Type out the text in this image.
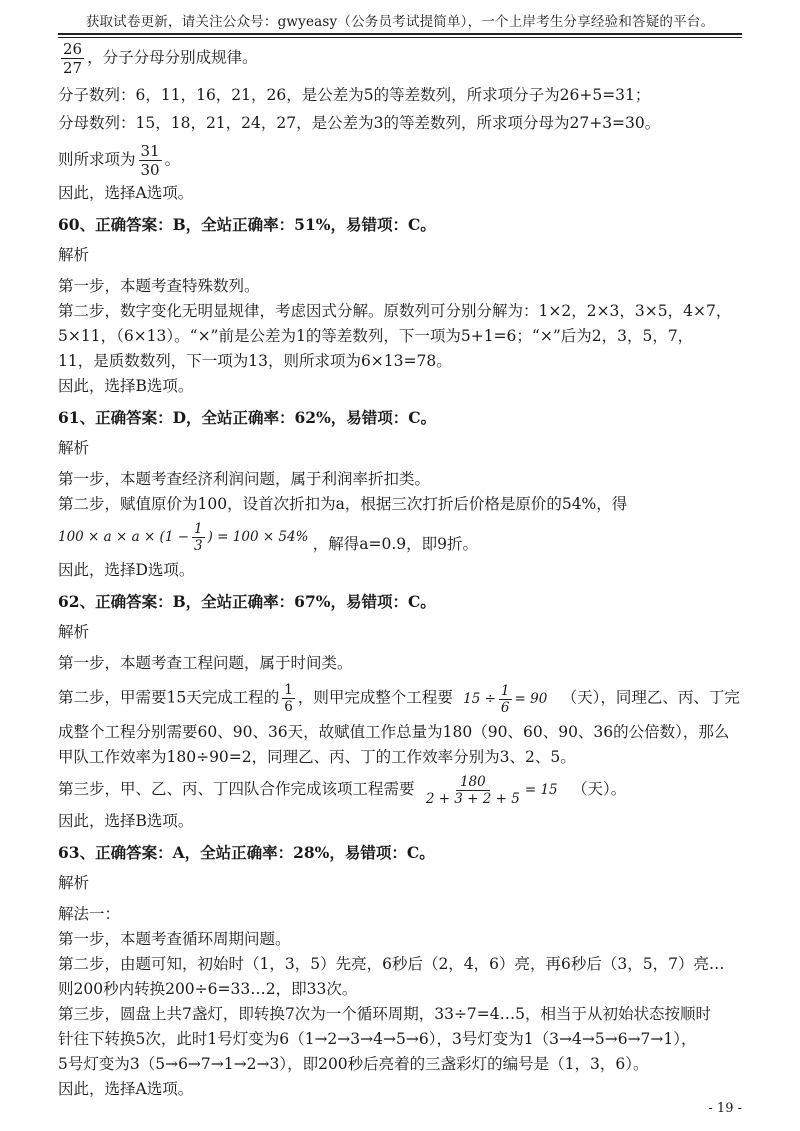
获取试卷更新，请关注公众号：gwyeasy（公务员考试提简单），一个上岸考生分享经验和答疑的平台。
$\frac{26}{27}$ ，分子分母分别成规律。
分子数列：6，11，16，21，26，是公差为5的等差数列，所求项分子为26+5=31；
分母数列：15，18，21，24，27，是公差为3的等差数列，所求项分母为27+3=30。
则所求项为 $\frac{31}{30}$ 。
因此，选择A选项。
60、正确答案：B，全站正确率：51%，易错项：C。
解析
第一步，本题考查特殊数列。
第二步，数字变化无明显规律，考虑因式分解。原数列可分别分解为：1×2，2×3，3×5，4×7，
5×11，（6×13）。“×”前是公差为1的等差数列，下一项为5+1=6；“×”后为2，3，5，7，
11，是质数数列，下一项为13，则所求项为6×13=78。
因此，选择B选项。
61、正确答案：D，全站正确率：62%，易错项：C。
解析
第一步，本题考查经济利润问题，属于利润率折扣类。
第二步，赋值原价为100，设首次折扣为a，根据三次打折后价格是原价的54%，得
$100 \times a \times a \times (1 - \frac{1}{3}$ ) = 100 × 54% ，解得a=0.9，即9折。
因此，选择D选项。
62、正确答案：B，全站正确率：67%，易错项：C。
解析
第一步，本题考查工程问题，属于时间类。
第二步，甲需要15天完成工程的 $\frac{1}{6}$ ，则甲完成整个工程要 $15 \div \frac{1}{6} = 90$ （天），同理乙、丙、丁完
成整个工程分别需要60、90、36天，故赋值工作总量为180（90、60、90、36的公倍数），那么
甲队工作效率为180÷90=2，同理乙、丙、丁的工作效率分别为3、2、5。
第三步，甲、乙、丙、丁四队合作完成该项工程需要 $\frac{180}{2 + 3 + 2 + 5} = 15$ （天）。
因此，选择B选项。
63、正确答案：A，全站正确率：28%，易错项：C。
解析
解法一：
第一步，本题考查循环周期问题。
第二步，由题可知，初始时（1，3，5）先亮，6秒后（2，4，6）亮，再6秒后（3，5，7）亮…
则200秒内转换200÷6=33…2，即33次。
第三步，圆盘上共7盏灯，即转换7次为一个循环周期，33÷7=4…5，相当于从初始状态按顺时
针往下转换5次，此时1号灯变为6（1→2→3→4→5→6），3号灯变为1（3→4→5→6→7→1），
5号灯变为3（5→6→7→1→2→3），即200秒后亮着的三盏彩灯的编号是（1，3，6）。
因此，选择A选项。
- 19 -
